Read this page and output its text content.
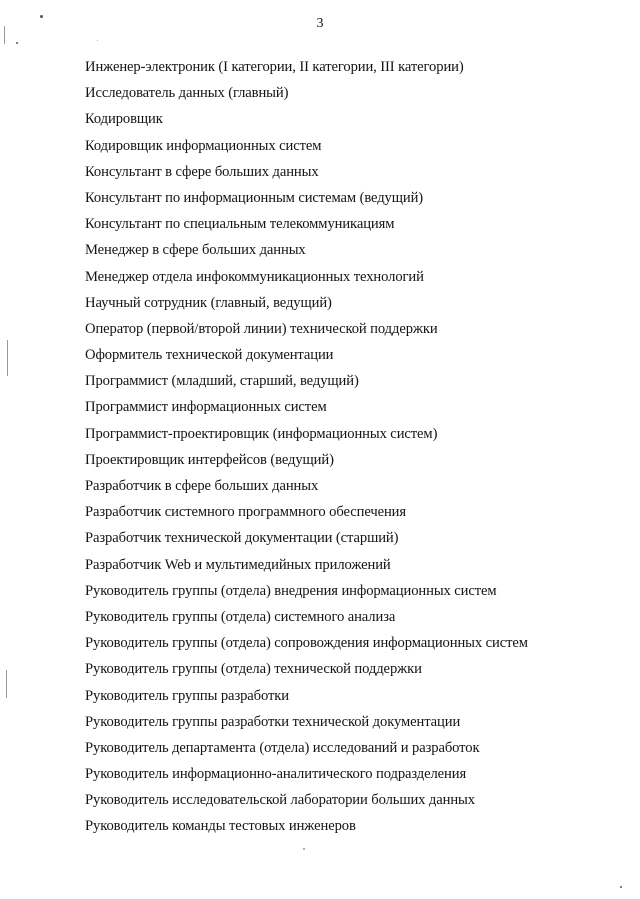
3
Инженер-электроник (I категории, II категории, III категории)
Исследователь данных (главный)
Кодировщик
Кодировщик информационных систем
Консультант в сфере больших данных
Консультант по информационным системам (ведущий)
Консультант по специальным телекоммуникациям
Менеджер в сфере больших данных
Менеджер отдела инфокоммуникационных технологий
Научный сотрудник (главный, ведущий)
Оператор (первой/второй линии) технической поддержки
Оформитель технической документации
Программист (младший, старший, ведущий)
Программист информационных систем
Программист-проектировщик (информационных систем)
Проектировщик интерфейсов (ведущий)
Разработчик в сфере больших данных
Разработчик системного программного обеспечения
Разработчик технической документации (старший)
Разработчик Web и мультимедийных приложений
Руководитель группы (отдела) внедрения информационных систем
Руководитель группы (отдела) системного анализа
Руководитель группы (отдела) сопровождения информационных систем
Руководитель группы (отдела) технической поддержки
Руководитель группы разработки
Руководитель группы разработки технической документации
Руководитель департамента (отдела) исследований и разработок
Руководитель информационно-аналитического подразделения
Руководитель исследовательской лаборатории больших данных
Руководитель команды тестовых инженеров
